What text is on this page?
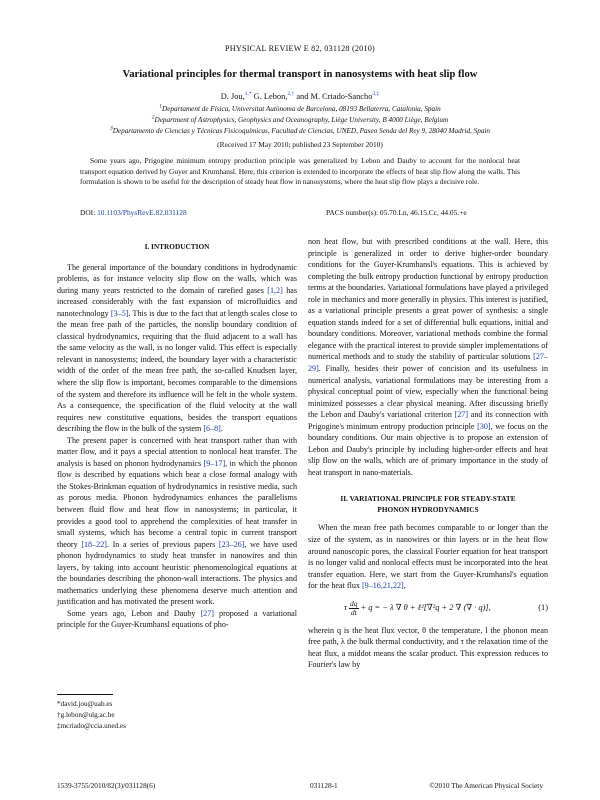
PHYSICAL REVIEW E 82, 031128 (2010)
Variational principles for thermal transport in nanosystems with heat slip flow
D. Jou,$^{1,*}$ G. Lebon,$^{2,\dagger}$ and M. Criado-Sancho$^{3,\ddagger}$
$^1$Departament de Física, Universitat Autònoma de Barcelona, 08193 Bellaterra, Catalonia, Spain
$^2$Department of Astrophysics, Geophysics and Oceanography, Liège University, B 4000 Liège, Belgium
$^3$Departamento de Ciencias y Técnicas Fisicoquímicas, Facultad de Ciencias, UNED, Paseo Senda del Rey 9, 28040 Madrid, Spain
(Received 17 May 2010; published 23 September 2010)
Some years ago, Prigogine minimum entropy production principle was generalized by Lebon and Dauby to account for the nonlocal heat transport equation derived by Guyer and Krumhansl. Here, this criterion is extended to incorporate the effects of heat slip flow along the walls. This formulation is shown to be useful for the description of steady heat flow in nanosystems, where the heat slip flow plays a decisive role.
DOI: 10.1103/PhysRevE.82.031128	PACS number(s): 05.70.Ln, 46.15.Cc, 44.05.+e
I. INTRODUCTION

The general importance of the boundary conditions in hydrodynamic problems, as for instance velocity slip flow on the walls, which was during many years restricted to the domain of rarefied gases [1,2] has increased considerably with the fast expansion of microfluidics and nanotechnology [3–5]. This is due to the fact that at length scales close to the mean free path of the particles, the nonslip boundary condition of classical hydrodynamics, requiring that the fluid adjacent to a wall has the same velocity as the wall, is no longer valid. This effect is especially relevant in nanosystems; indeed, the boundary layer with a characteristic width of the order of the mean free path, the so-called Knudsen layer, where the slip flow is important, becomes comparable to the dimensions of the system and therefore its influence will be felt in the whole system. As a consequence, the specification of the fluid velocity at the wall requires new constitutive equations, besides the transport equations describing the flow in the bulk of the system [6–8].

The present paper is concerned with heat transport rather than with matter flow, and it pays a special attention to nonlocal heat transfer. The analysis is based on phonon hydrodynamics [9–17], in which the phonon flow is described by equations which bear a close formal analogy with the Stokes-Brinkman equation of hydrodynamics in resistive media, such as porous media. Phonon hydrodynamics enhances the parallelisms between fluid flow and heat flow in nanosystems; in particular, it provides a good tool to apprehend the complexities of heat transfer in small systems, which has become a central topic in current transport theory [18–22]. In a series of previous papers [23–26], we have used phonon hydrodynamics to study heat transfer in nanowires and thin layers, by taking into account heuristic phenomenological equations at the boundaries describing the phonon-wall interactions. The physics and mathematics underlying these phenomena deserve much attention and justification and has motivated the present work.

Some years ago, Lebon and Dauby [27] proposed a variational principle for the Guyer-Krumhansl equations of pho-

non heat flow, but with prescribed conditions at the wall. Here, this principle is generalized in order to derive higher-order boundary conditions for the Guyer-Krumhansl's equations. This is achieved by completing the bulk entropy production functional by entropy production terms at the boundaries. Variational formulations have played a privileged role in mechanics and more generally in physics. This interest is justified, as a variational principle presents a great power of synthesis: a single equation stands indeed for a set of differential bulk equations, initial and boundary conditions. Moreover, variational methods combine the formal elegance with the practical interest to provide simpler implementations of numerical methods and to study the stability of particular solutions [27–29]. Finally, besides their power of concision and its usefulness in numerical analysis, variational formulations may be interesting from a physical conceptual point of view, especially when the functional being minimized possesses a clear physical meaning. After discussing briefly the Lebon and Dauby's variational criterion [27] and its connection with Prigogine's minimum entropy production principle [30], we focus on the boundary conditions. Our main objective is to propose an extension of Lebon and Dauby's principle by including higher-order effects and heat slip flow on the walls, which are of primary importance in the study of heat transport in nano-materials.

II. VARIATIONAL PRINCIPLE FOR STEADY-STATE
PHONON HYDRODYNAMICS

When the mean free path becomes comparable to or longer than the size of the system, as in nanowires or thin layers or in the heat flow around nanoscopic pores, the classical Fourier equation for heat transport is no longer valid and nonlocal effects must be incorporated into the heat transfer equation. Here, we start from the Guyer-Krumhansl's equation for the heat flux [9–16,21,22],

τ $\frac{dq}{dt} + q$ = − λ ∇ θ + ℓ²[∇²q + 2 ∇ (∇ · q)],	(1)

wherein q is the heat flux vector, θ the temperature, l the phonon mean free path, λ the bulk thermal conductivity, and τ the relaxation time of the heat flux, a middot means the scalar product. This expression reduces to Fourier's law by

*david.jou@uab.es
†g.lebon@ulg.ac.be
‡mcriado@ccia.uned.es
1539-3755/2010/82(3)/031128(6)	031128-1	©2010 The American Physical Society
